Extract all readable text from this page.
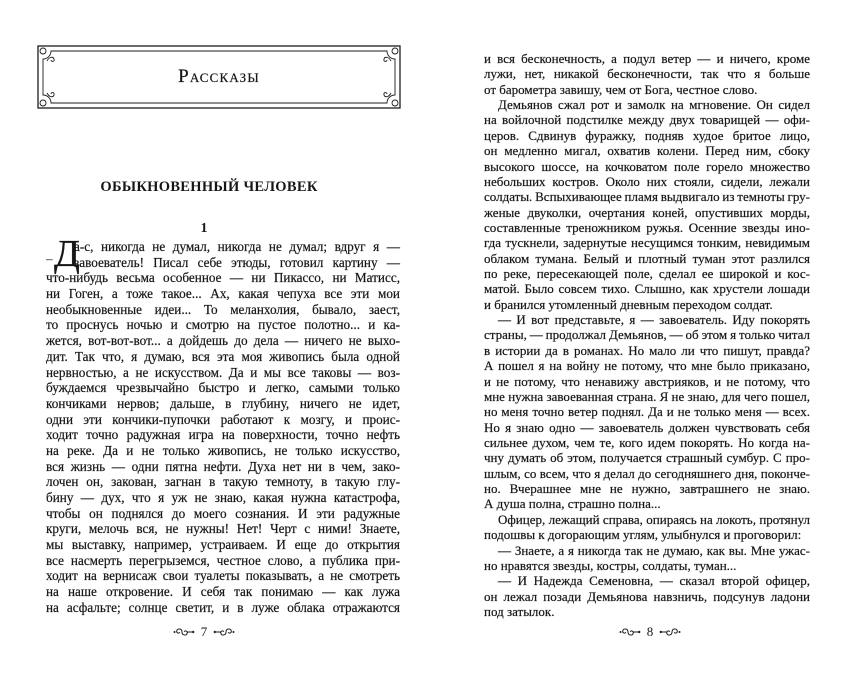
Рассказы
ОБЫКНОВЕННЫЙ ЧЕЛОВЕК
1
– Д
а-с, никогда не думал, никогда не думал; вдруг я —
завоеватель! Писал себе этюды, готовил картину —
что-нибудь весьма особенное — ни Пикассо, ни Матисс,
ни Гоген, а тоже такое... Ах, какая чепуха все эти мои
необыкновенные идеи... То меланхолия, бывало, заест,
то проснусь ночью и смотрю на пустое полотно... и ка-
жется, вот-вот-вот... а дойдешь до дела — ничего не выхо-
дит. Так что, я думаю, вся эта моя живопись была одной
нервностью, а не искусством. Да и мы все таковы — воз-
буждаемся чрезвычайно быстро и легко, самыми только
кончиками нервов; дальше, в глубину, ничего не идет,
одни эти кончики-пупочки работают к мозгу, и проис-
ходит точно радужная игра на поверхности, точно нефть
на реке. Да и не только живопись, не только искусство,
вся жизнь — одни пятна нефти. Духа нет ни в чем, зако-
лочен он, закован, загнан в такую темноту, в такую глу-
бину — дух, что я уж не знаю, какая нужна катастрофа,
чтобы он поднялся до моего сознания. И эти радужные
круги, мелочь вся, не нужны! Нет! Черт с ними! Знаете,
мы выставку, например, устраиваем. И еще до открытия
все насмерть перегрыземся, честное слово, а публика при-
ходит на вернисаж свои туалеты показывать, а не смотреть
на наше откровение. И себя так понимаю — как лужа
на асфальте; солнце светит, и в луже облака отражаются
7
и вся бесконечность, а подул ветер — и ничего, кроме
лужи, нет, никакой бесконечности, так что я больше
от барометра завишу, чем от Бога, честное слово.
Демьянов сжал рот и замолк на мгновение. Он сидел
на войлочной подстилке между двух товарищей — офи-
церов. Сдвинув фуражку, подняв худое бритое лицо,
он медленно мигал, охватив колени. Перед ним, сбоку
высокого шоссе, на кочковатом поле горело множество
небольших костров. Около них стояли, сидели, лежали
солдаты. Вспыхивающее пламя выдвигало из темноты гру-
женые двуколки, очертания коней, опустивших морды,
составленные треножником ружья. Осенние звезды ино-
гда тускнели, задернутые несущимся тонким, невидимым
облаком тумана. Белый и плотный туман этот разлился
по реке, пересекающей поле, сделал ее широкой и кос-
матой. Было совсем тихо. Слышно, как хрустели лошади
и бранился утомленный дневным переходом солдат.
— И вот представьте, я — завоеватель. Иду покорять
страны, — продолжал Демьянов, — об этом я только читал
в истории да в романах. Но мало ли что пишут, правда?
А пошел я на войну не потому, что мне было приказано,
и не потому, что ненавижу австрияков, и не потому, что
мне нужна завоеванная страна. Я не знаю, для чего пошел,
но меня точно ветер поднял. Да и не только меня — всех.
Но я знаю одно — завоеватель должен чувствовать себя
сильнее духом, чем те, кого идем покорять. Но когда на-
чну думать об этом, получается страшный сумбур. С про-
шлым, со всем, что я делал до сегодняшнего дня, поконче-
но. Вчерашнее мне не нужно, завтрашнего не знаю.
А душа полна, страшно полна...
Офицер, лежащий справа, опираясь на локоть, протянул
подошвы к догорающим углям, улыбнулся и проговорил:
— Знаете, а я никогда так не думаю, как вы. Мне ужас-
но нравятся звезды, костры, солдаты, туман...
— И Надежда Семеновна, — сказал второй офицер,
он лежал позади Демьянова навзничь, подсунув ладони
под затылок.
8
